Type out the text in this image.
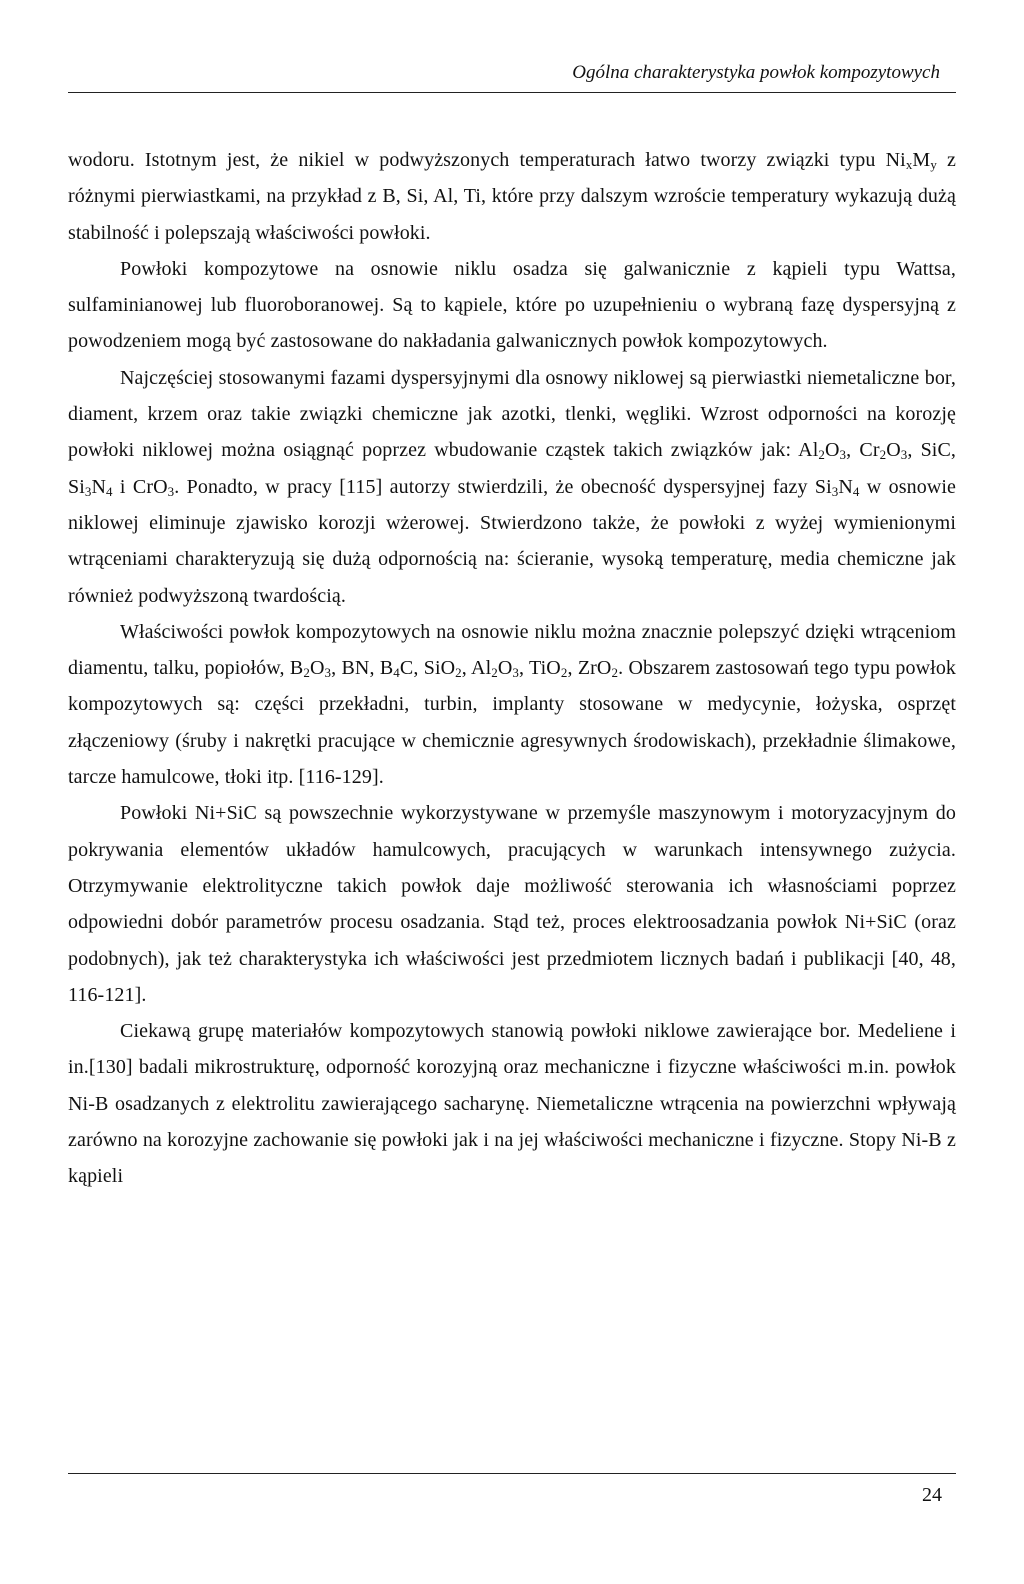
Ogólna charakterystyka powłok kompozytowych

wodoru. Istotnym jest, że nikiel w podwyższonych temperaturach łatwo tworzy związki typu $Ni_xM_y$ z różnymi pierwiastkami, na przykład z B, Si, Al, Ti, które przy dalszym wzroście temperatury wykazują dużą stabilność i polepszają właściwości powłoki.

Powłoki kompozytowe na osnowie niklu osadza się galwanicznie z kąpieli typu Wattsa, sulfaminianowej lub fluoroboranowej. Są to kąpiele, które po uzupełnieniu o wybraną fazę dyspersyjną z powodzeniem mogą być zastosowane do nakładania galwanicznych powłok kompozytowych.

Najczęściej stosowanymi fazami dyspersyjnymi dla osnowy niklowej są pierwiastki niemetaliczne bor, diament, krzem oraz takie związki chemiczne jak azotki, tlenki, węgliki. Wzrost odporności na korozję powłoki niklowej można osiągnąć poprzez wbudowanie cząstek takich związków jak: $Al_2O_3$, $Cr_2O_3$, SiC, $Si_3N_4$ i CrO$_3$. Ponadto, w pracy [115] autorzy stwierdzili, że obecność dyspersyjnej fazy $Si_3N_4$ w osnowie niklowej eliminuje zjawisko korozji wżerowej. Stwierdzono także, że powłoki z wyżej wymienionymi wtrąceniami charakteryzują się dużą odpornością na: ścieranie, wysoką temperaturę, media chemiczne jak również podwyższoną twardością.

Właściwości powłok kompozytowych na osnowie niklu można znacznie polepszyć dzięki wtrąceniom diamentu, talku, popiołów, $B_2O_3$, BN, $B_4C$, SiO$_2$, $Al_2O_3$, TiO$_2$, ZrO$_2$. Obszarem zastosowań tego typu powłok kompozytowych są: części przekładni, turbin, implanty stosowane w medycynie, łożyska, osprzęt złączeniowy (śruby i nakrętki pracujące w chemicznie agresywnych środowiskach), przekładnie ślimakowe, tarcze hamulcowe, tłoki itp. [116-129].

Powłoki Ni+SiC są powszechnie wykorzystywane w przemyśle maszynowym i motoryzacyjnym do pokrywania elementów układów hamulcowych, pracujących w warunkach intensywnego zużycia. Otrzymywanie elektrolityczne takich powłok daje możliwość sterowania ich własnościami poprzez odpowiedni dobór parametrów procesu osadzania. Stąd też, proces elektroosadzania powłok Ni+SiC (oraz podobnych), jak też charakterystyka ich właściwości jest przedmiotem licznych badań i publikacji [40, 48, 116-121].

Ciekawą grupę materiałów kompozytowych stanowią powłoki niklowe zawierające bor. Medeliene i in.[130] badali mikrostrukturę, odporność korozyjną oraz mechaniczne i fizyczne właściwości m.in. powłok Ni-B osadzanych z elektrolitu zawierającego sacharynę. Niemetaliczne wtrącenia na powierzchni wpływają zarówno na korozyjne zachowanie się powłoki jak i na jej właściwości mechaniczne i fizyczne. Stopy Ni-B z kąpieli

24
